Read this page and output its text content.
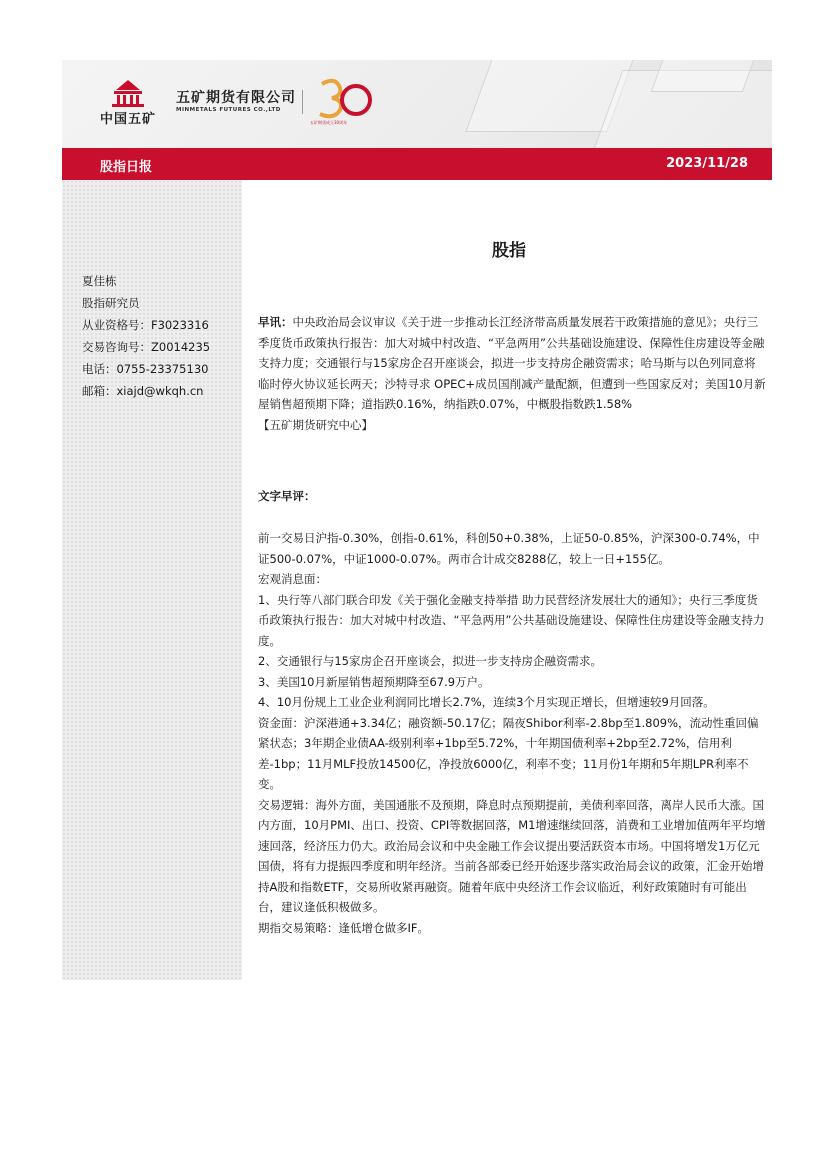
中国五矿
五矿期货有限公司
MINMETALS FUTURES CO.,LTD
五矿期货成立30周年
股指日报	2023/11/28
夏佳栋
股指研究员
从业资格号：F3023316
交易咨询号：Z0014235
电话：0755-23375130
邮箱：xiajd@wkqh.cn
股指

早讯：中央政治局会议审议《关于进一步推动长江经济带高质量发展若干政策措施的意见》；央行三季度货币政策执行报告：加大对城中村改造、“平急两用”公共基础设施建设、保障性住房建设等金融支持力度；交通银行与15家房企召开座谈会，拟进一步支持房企融资需求；哈马斯与以色列同意将临时停火协议延长两天；沙特寻求 OPEC+成员国削减产量配额，但遭到一些国家反对；美国10月新屋销售超预期下降；道指跌0.16%，纳指跌0.07%，中概股指数跌1.58%

【五矿期货研究中心】

文字早评：

前一交易日沪指-0.30%，创指-0.61%，科创50+0.38%，上证50-0.85%，沪深300-0.74%，中证500-0.07%，中证1000-0.07%。两市合计成交8288亿，较上一日+155亿。

宏观消息面：

1、央行等八部门联合印发《关于强化金融支持举措 助力民营经济发展壮大的通知》；央行三季度货币政策执行报告：加大对城中村改造、“平急两用”公共基础设施建设、保障性住房建设等金融支持力度。

2、交通银行与15家房企召开座谈会，拟进一步支持房企融资需求。

3、美国10月新屋销售超预期降至67.9万户。

4、10月份规上工业企业利润同比增长2.7%，连续3个月实现正增长，但增速较9月回落。

资金面：沪深港通+3.34亿；融资额-50.17亿；隔夜Shibor利率-2.8bp至1.809%，流动性重回偏紧状态；3年期企业债AA-级别利率+1bp至5.72%，十年期国债利率+2bp至2.72%，信用利差-1bp；11月MLF投放14500亿，净投放6000亿，利率不变；11月份1年期和5年期LPR利率不变。

交易逻辑：海外方面，美国通胀不及预期，降息时点预期提前，美债利率回落，离岸人民币大涨。国内方面，10月PMI、出口、投资、CPI等数据回落，M1增速继续回落，消费和工业增加值两年平均增速回落，经济压力仍大。政治局会议和中央金融工作会议提出要活跃资本市场。中国将增发1万亿元国债，将有力提振四季度和明年经济。当前各部委已经开始逐步落实政治局会议的政策，汇金开始增持A股和指数ETF，交易所收紧再融资。随着年底中央经济工作会议临近，利好政策随时有可能出台，建议逢低积极做多。

期指交易策略：逢低增仓做多IF。
